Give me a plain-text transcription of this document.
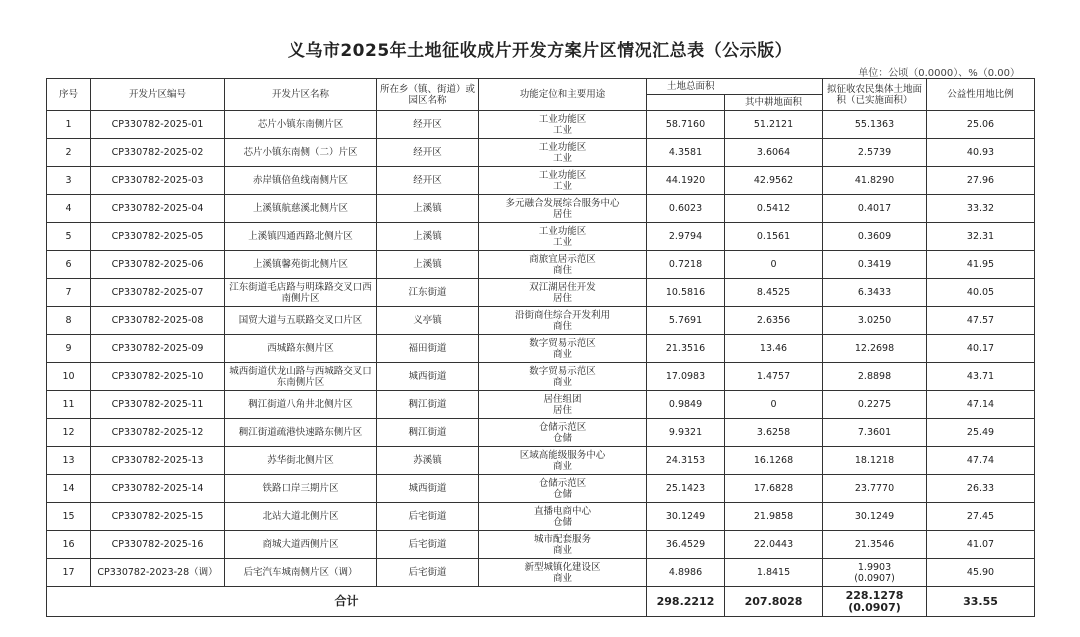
义乌市2025年土地征收成片开发方案片区情况汇总表（公示版）
单位：公顷（0.0000）、%（0.00）
序号	开发片区编号	开发片区名称	所在乡（镇、街道）或园区名称	功能定位和主要用途	土地总面积		拟征收农民集体土地面积（已实施面积）	公益性用地比例
						其中耕地面积		
1	CP330782-2025-01	芯片小镇东南侧片区	经开区	工业功能区
工业	58.7160	51.2121	55.1363	25.06
2	CP330782-2025-02	芯片小镇东南侧（二）片区	经开区	工业功能区
工业	4.3581	3.6064	2.5739	40.93
3	CP330782-2025-03	赤岸镇倍鱼线南侧片区	经开区	工业功能区
工业	44.1920	42.9562	41.8290	27.96
4	CP330782-2025-04	上溪镇航慈溪北侧片区	上溪镇	多元融合发展综合服务中心
居住	0.6023	0.5412	0.4017	33.32
5	CP330782-2025-05	上溪镇四通西路北侧片区	上溪镇	工业功能区
工业	2.9794	0.1561	0.3609	32.31
6	CP330782-2025-06	上溪镇馨苑街北侧片区	上溪镇	商旅宜居示范区
商住	0.7218	0	0.3419	41.95
7	CP330782-2025-07	江东街道毛店路与明珠路交叉口西南侧片区	江东街道	双江湖居住开发
居住	10.5816	8.4525	6.3433	40.05
8	CP330782-2025-08	国贸大道与五联路交叉口片区	义亭镇	沿街商住综合开发利用
商住	5.7691	2.6356	3.0250	47.57
9	CP330782-2025-09	西城路东侧片区	福田街道	数字贸易示范区
商业	21.3516	13.46	12.2698	40.17
10	CP330782-2025-10	城西街道伏龙山路与西城路交叉口东南侧片区	城西街道	数字贸易示范区
商业	17.0983	1.4757	2.8898	43.71
11	CP330782-2025-11	稠江街道八角井北侧片区	稠江街道	居住组团
居住	0.9849	0	0.2275	47.14
12	CP330782-2025-12	稠江街道疏港快速路东侧片区	稠江街道	仓储示范区
仓储	9.9321	3.6258	7.3601	25.49
13	CP330782-2025-13	苏华街北侧片区	苏溪镇	区域高能级服务中心
商业	24.3153	16.1268	18.1218	47.74
14	CP330782-2025-14	铁路口岸三期片区	城西街道	仓储示范区
仓储	25.1423	17.6828	23.7770	26.33
15	CP330782-2025-15	北站大道北侧片区	后宅街道	直播电商中心
仓储	30.1249	21.9858	30.1249	27.45
16	CP330782-2025-16	商城大道西侧片区	后宅街道	城市配套服务
商业	36.4529	22.0443	21.3546	41.07
17	CP330782-2023-28（调）	后宅汽车城南侧片区（调）	后宅街道	新型城镇化建设区
商业	4.8986	1.8415	1.9903
(0.0907)	45.90
合计					298.2212	207.8028	228.1278
(0.0907)	33.55
